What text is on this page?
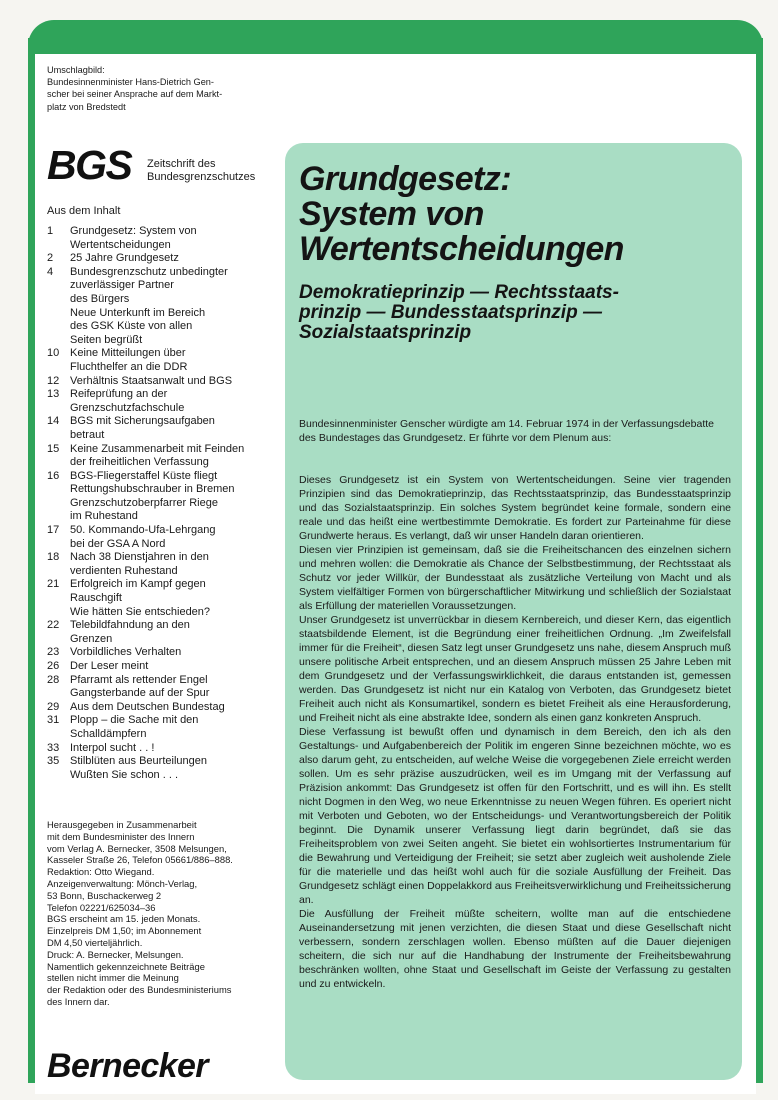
Umschlagbild:

Bundesinnenminister Hans-Dietrich Gen-

scher bei seiner Ansprache auf dem Markt-

platz von Bredstedt

BGS Zeitschrift des
Bundesgrenzschutzes
Aus dem Inhalt
1	Grundgesetz: System von
Wertentscheidungen
2	25 Jahre Grundgesetz
4	Bundesgrenzschutz unbedingter
zuverlässiger Partner
des Bürgers
Neue Unterkunft im Bereich
des GSK Küste von allen
Seiten begrüßt
10 Keine Mitteilungen über
Fluchthelfer an die DDR
12 Verhältnis Staatsanwalt und BGS
13 Reifeprüfung an der
Grenzschutzfachschule
14 BGS mit Sicherungsaufgaben
betraut
15 Keine Zusammenarbeit mit Feinden
der freiheitlichen Verfassung
16 BGS-Fliegerstaffel Küste fliegt
Rettungshubschrauber in Bremen
Grenzschutzoberpfarrer Riege
im Ruhestand
17 50. Kommando-Ufa-Lehrgang
bei der GSA A Nord
18 Nach 38 Dienstjahren in den
verdienten Ruhestand
21 Erfolgreich im Kampf gegen
Rauschgift
Wie hätten Sie entschieden?
22 Telebildfahndung an den
Grenzen
23 Vorbildliches Verhalten
26 Der Leser meint
28 Pfarramt als rettender Engel
Gangsterbande auf der Spur
29 Aus dem Deutschen Bundestag
31 Plopp – die Sache mit den
Schalldämpfern
33 Interpol sucht . . !
35 Stilblüten aus Beurteilungen
Wußten Sie schon . . .

Herausgegeben in Zusammenarbeit

mit dem Bundesminister des Innern

vom Verlag A. Bernecker, 3508 Melsungen,

Kasseler Straße 26, Telefon 05661/886–888.

Redaktion: Otto Wiegand.

Anzeigenverwaltung: Mönch-Verlag,

53 Bonn, Buschackerweg 2

Telefon 02221/625034–36

BGS erscheint am 15. jeden Monats.

Einzelpreis DM 1,50; im Abonnement

DM 4,50 vierteljährlich.

Druck: A. Bernecker, Melsungen.

Namentlich gekennzeichnete Beiträge

stellen nicht immer die Meinung

der Redaktion oder des Bundesministeriums

des Innern dar.

Bernecker
Grundgesetz:
System von
Wertentscheidungen
Demokratieprinzip — Rechtsstaats-
prinzip — Bundesstaatsprinzip —
Sozialstaatsprinzip
Bundesinnenminister Genscher würdigte am 14. Februar 1974 in der Verfassungsdebatte des Bundestages das Grundgesetz. Er führte vor dem Plenum aus:

Dieses Grundgesetz ist ein System von Wertentscheidungen. Seine vier tragenden Prinzipien sind das Demokratieprinzip, das Rechtsstaatsprinzip, das Bundesstaatsprinzip und das Sozialstaatsprinzip. Ein solches System begründet keine formale, sondern eine reale und das heißt eine wertbestimmte Demokratie. Es fordert zur Parteinahme für diese Grundwerte heraus. Es verlangt, daß wir unser Handeln daran orientieren.

Diesen vier Prinzipien ist gemeinsam, daß sie die Freiheitschancen des einzelnen sichern und mehren wollen: die Demokratie als Chance der Selbstbestimmung, der Rechtsstaat als Schutz vor jeder Willkür, der Bundesstaat als zusätzliche Verteilung von Macht und als System vielfältiger Formen von bürgerschaftlicher Mitwirkung und schließlich der Sozialstaat als Erfüllung der materiellen Voraussetzungen.

Unser Grundgesetz ist unverrückbar in diesem Kernbereich, und dieser Kern, das eigentlich staatsbildende Element, ist die Begründung einer freiheitlichen Ordnung. „Im Zweifelsfall immer für die Freiheit“, diesen Satz legt unser Grundgesetz uns nahe, diesem Anspruch muß unsere politische Arbeit entsprechen, und an diesem Anspruch müssen 25 Jahre Leben mit dem Grundgesetz und der Verfassungswirklichkeit, die daraus entstanden ist, gemessen werden. Das Grundgesetz ist nicht nur ein Katalog von Verboten, das Grundgesetz bietet Freiheit auch nicht als Konsumartikel, sondern es bietet Freiheit als eine Herausforderung, und Freiheit nicht als eine abstrakte Idee, sondern als einen ganz konkreten Anspruch.

Diese Verfassung ist bewußt offen und dynamisch in dem Bereich, den ich als den Gestaltungs- und Aufgabenbereich der Politik im engeren Sinne bezeichnen möchte, wo es also darum geht, zu entscheiden, auf welche Weise die vorgegebenen Ziele erreicht werden sollen. Um es sehr präzise auszudrücken, weil es im Umgang mit der Verfassung auf Präzision ankommt: Das Grundgesetz ist offen für den Fortschritt, und es will ihn. Es stellt nicht Dogmen in den Weg, wo neue Erkenntnisse zu neuen Wegen führen. Es operiert nicht mit Verboten und Geboten, wo der Entscheidungs- und Verantwortungsbereich der Politik beginnt. Die Dynamik unserer Verfassung liegt darin begründet, daß sie das Freiheitsproblem von zwei Seiten angeht. Sie bietet ein wohlsortiertes Instrumentarium für die Bewahrung und Verteidigung der Freiheit; sie setzt aber zugleich weit ausholende Ziele für die materielle und das heißt wohl auch für die soziale Ausfüllung der Freiheit. Das Grundgesetz schlägt einen Doppelakkord aus Freiheitsverwirklichung und Freiheitssicherung an.

Die Ausfüllung der Freiheit müßte scheitern, wollte man auf die entschiedene Auseinandersetzung mit jenen verzichten, die diesen Staat und diese Gesellschaft nicht verbessern, sondern zerschlagen wollen. Ebenso müßten auf die Dauer diejenigen scheitern, die sich nur auf die Handhabung der Instrumente der Freiheitsbewahrung beschränken wollten, ohne Staat und Gesellschaft im Geiste der Verfassung zu gestalten und zu entwickeln.
